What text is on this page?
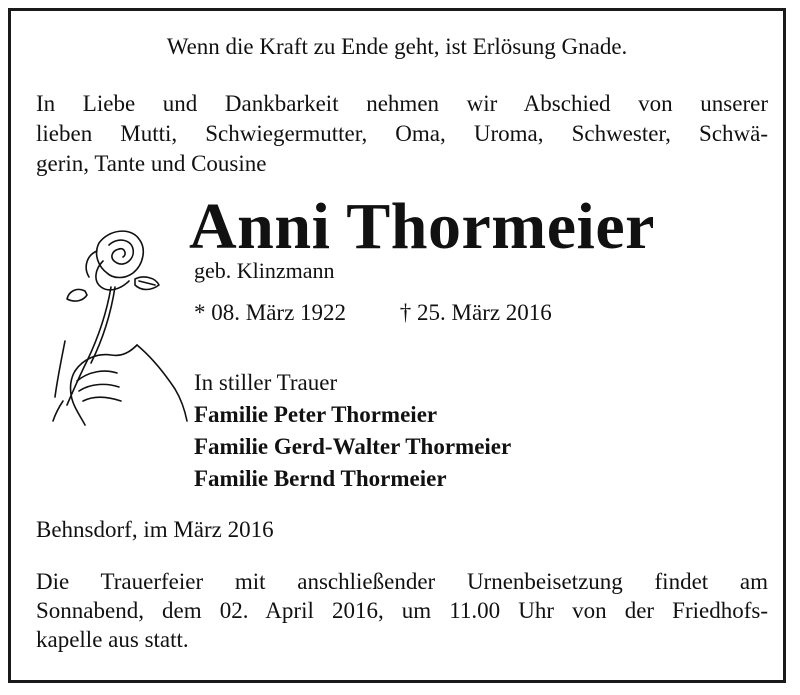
Wenn die Kraft zu Ende geht, ist Erlösung Gnade.
In Liebe und Dankbarkeit nehmen wir Abschied von unserer
lieben Mutti, Schwiegermutter, Oma, Uroma, Schwester, Schwä-
gerin, Tante und Cousine
Anni Thormeier
geb. Klinzmann
* 08. März 1922 † 25. März 2016
In stiller Trauer
Familie Peter Thormeier
Familie Gerd-Walter Thormeier
Familie Bernd Thormeier
Behnsdorf, im März 2016
Die Trauerfeier mit anschließender Urnenbeisetzung findet am
Sonnabend, dem 02. April 2016, um 11.00 Uhr von der Friedhofs-
kapelle aus statt.
